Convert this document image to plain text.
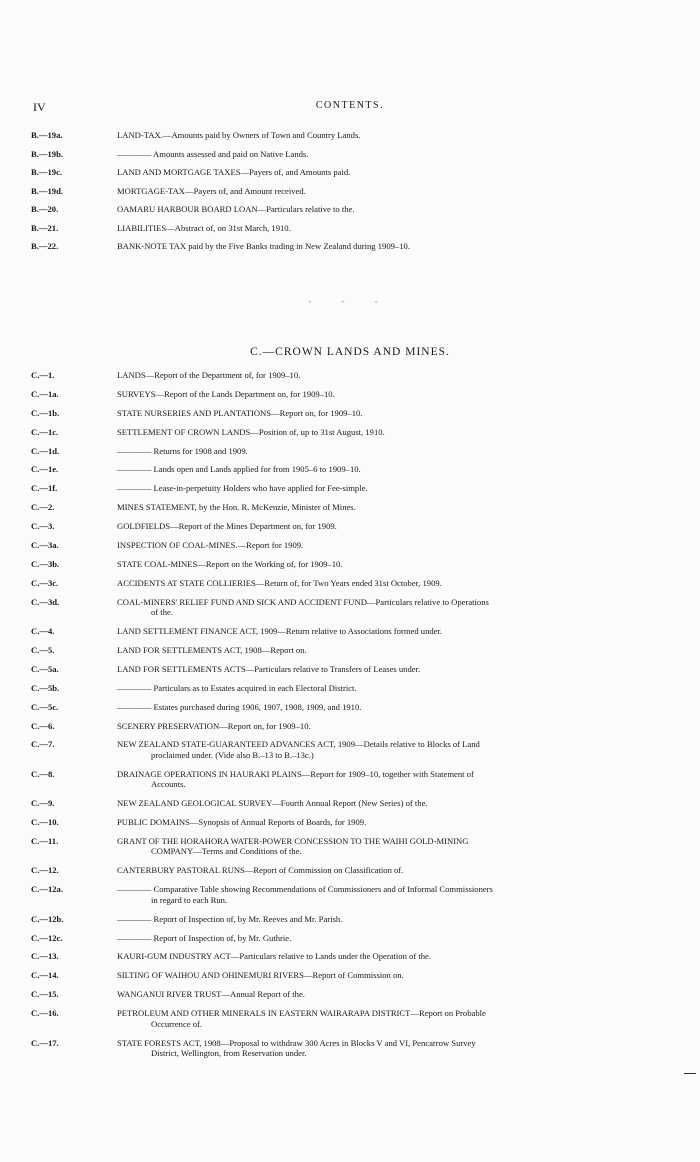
IV	CONTENTS.
B.—19a.	LAND-TAX.—Amounts paid by Owners of Town and Country Lands.
B.—19b.	———— Amounts assessed and paid on Native Lands.
B.—19c.	LAND AND MORTGAGE TAXES—Payers of, and Amounts paid.
B.—19d.	MORTGAGE-TAX—Payers of, and Amount received.
B.—20.	OAMARU HARBOUR BOARD LOAN—Particulars relative to the.
B.—21.	LIABILITIES—Abstract of, on 31st March, 1910.
B.—22.	BANK-NOTE TAX paid by the Five Banks trading in New Zealand during 1909–10.
- - -
C.—CROWN LANDS AND MINES.
C.—1.	LANDS—Report of the Department of, for 1909–10.
C.—1a.	SURVEYS—Report of the Lands Department on, for 1909–10.
C.—1b.	STATE NURSERIES AND PLANTATIONS—Report on, for 1909–10.
C.—1c.	SETTLEMENT OF CROWN LANDS—Position of, up to 31st August, 1910.
C.—1d.	———— Returns for 1908 and 1909.
C.—1e.	———— Lands open and Lands applied for from 1905–6 to 1909–10.
C.—1f.	———— Lease-in-perpetuity Holders who have applied for Fee-simple.
C.—2.	MINES STATEMENT, by the Hon. R. McKenzie, Minister of Mines.
C.—3.	GOLDFIELDS—Report of the Mines Department on, for 1909.
C.—3a.	INSPECTION OF COAL-MINES.—Report for 1909.
C.—3b.	STATE COAL-MINES—Report on the Working of, for 1909–10.
C.—3c.	ACCIDENTS AT STATE COLLIERIES—Return of, for Two Years ended 31st October, 1909.
C.—3d.	COAL-MINERS' RELIEF FUND AND SICK AND ACCIDENT FUND—Particulars relative to Operations
of the.
C.—4.	LAND SETTLEMENT FINANCE ACT, 1909—Return relative to Associations formed under.
C.—5.	LAND FOR SETTLEMENTS ACT, 1908—Report on.
C.—5a.	LAND FOR SETTLEMENTS ACTS—Particulars relative to Transfers of Leases under.
C.—5b.	———— Particulars as to Estates acquired in each Electoral District.
C.—5c.	———— Estates purchased during 1906, 1907, 1908, 1909, and 1910.
C.—6.	SCENERY PRESERVATION—Report on, for 1909–10.
C.—7.	NEW ZEALAND STATE-GUARANTEED ADVANCES ACT, 1909—Details relative to Blocks of Land
proclaimed under. (Vide also B.–13 to B.–13c.)
C.—8.	DRAINAGE OPERATIONS IN HAURAKI PLAINS—Report for 1909–10, together with Statement of
Accounts.
C.—9.	NEW ZEALAND GEOLOGICAL SURVEY—Fourth Annual Report (New Series) of the.
C.—10.	PUBLIC DOMAINS—Synopsis of Annual Reports of Boards, for 1909.
C.—11.	GRANT OF THE HORAHORA WATER-POWER CONCESSION TO THE WAIHI GOLD-MINING
COMPANY—Terms and Conditions of the.
C.—12.	CANTERBURY PASTORAL RUNS—Report of Commission on Classification of.
C.—12a.	———— Comparative Table showing Recommendations of Commissioners and of Informal Commissioners
in regard to each Run.
C.—12b.	———— Report of Inspection of, by Mr. Reeves and Mr. Parish.
C.—12c.	———— Report of Inspection of, by Mr. Guthrie.
C.—13.	KAURI-GUM INDUSTRY ACT—Particulars relative to Lands under the Operation of the.
C.—14.	SILTING OF WAIHOU AND OHINEMURI RIVERS—Report of Commission on.
C.—15.	WANGANUI RIVER TRUST—Annual Report of the.
C.—16.	PETROLEUM AND OTHER MINERALS IN EASTERN WAIRARAPA DISTRICT—Report on Probable
Occurrence of.
C.—17.	STATE FORESTS ACT, 1908—Proposal to withdraw 300 Acres in Blocks V and VI, Pencarrow Survey
District, Wellington, from Reservation under.
